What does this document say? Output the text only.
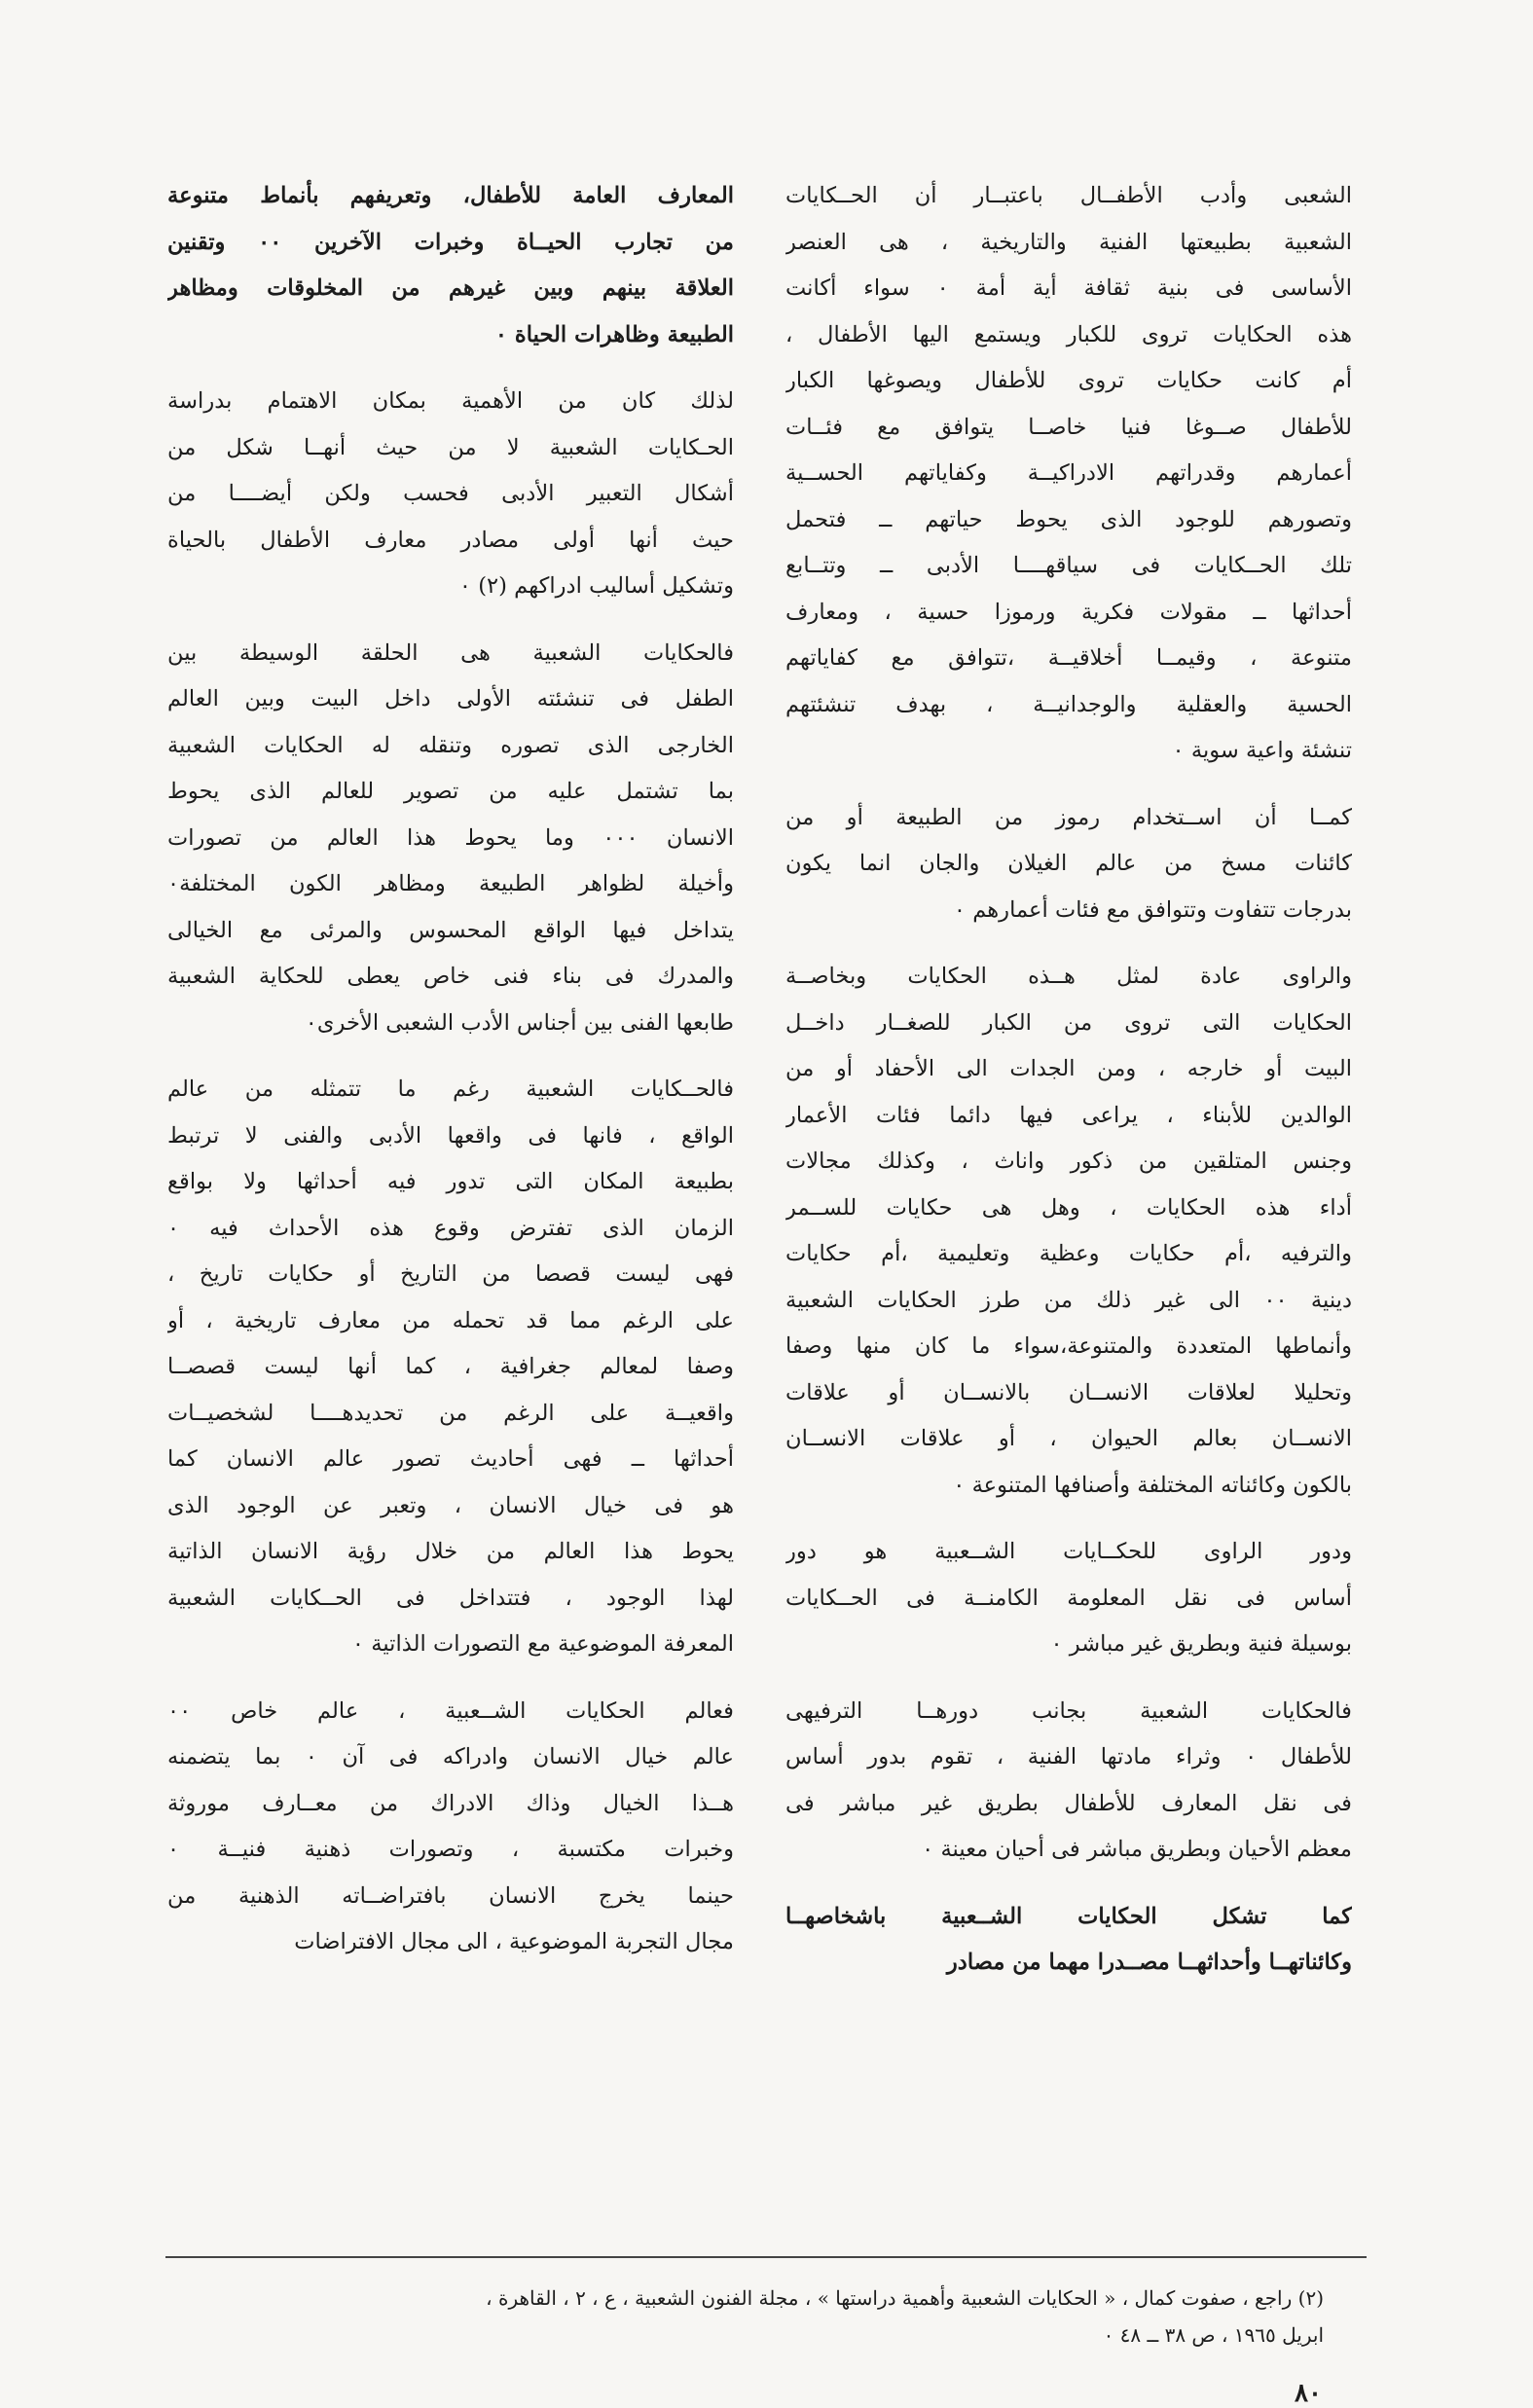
الشعبى وأدب الأطفــال باعتبــار أن الحــكايات
الشعبية بطبيعتها الفنية والتاريخية ، هى العنصر
الأساسى فى بنية ثقافة أية أمة ٠ سواء أكانت
هذه الحكايات تروى للكبار ويستمع اليها الأطفال ،
أم كانت حكايات تروى للأطفال ويصوغها الكبار
للأطفال صــوغا فنيا خاصــا يتوافق مع فئــات
أعمارهم وقدراتهم الادراكيــة وكفاياتهم الحســية
وتصورهم للوجود الذى يحوط حياتهم ــ فتحمل
تلك الحــكايات فى سياقهــــا الأدبى ــ وتتــابع
أحداثها ــ مقولات فكرية ورموزا حسية ، ومعارف
متنوعة ، وقيمــا أخلاقيــة ،تتوافق مع كفاياتهم
الحسية والعقلية والوجدانيــة ، بهدف تنشئتهم
تنشئة واعية سوية ٠
كمــا أن اســتخدام رموز من الطبيعة أو من
كائنات مسخ من عالم الغيلان والجان انما يكون
بدرجات تتفاوت وتتوافق مع فئات أعمارهم ٠
والراوى عادة لمثل هــذه الحكايات وبخاصــة
الحكايات التى تروى من الكبار للصغــار داخــل
البيت أو خارجه ، ومن الجدات الى الأحفاد أو من
الوالدين للأبناء ، يراعى فيها دائما فئات الأعمار
وجنس المتلقين من ذكور واناث ، وكذلك مجالات
أداء هذه الحكايات ، وهل هى حكايات للســمر
والترفيه ،أم حكايات وعظية وتعليمية ،أم حكايات
دينية ٠٠ الى غير ذلك من طرز الحكايات الشعبية
وأنماطها المتعددة والمتنوعة،سواء ما كان منها وصفا
وتحليلا لعلاقات الانســان بالانســان أو علاقات
الانســان بعالم الحيوان ، أو علاقات الانســان
بالكون وكائناته المختلفة وأصنافها المتنوعة ٠
ودور الراوى للحكــايات الشــعبية هو دور
أساس فى نقل المعلومة الكامنــة فى الحــكايات
بوسيلة فنية وبطريق غير مباشر ٠
فالحكايات الشعبية بجانب دورهــا الترفيهى
للأطفال ٠ وثراء مادتها الفنية ، تقوم بدور أساس
فى نقل المعارف للأطفال بطريق غير مباشر فى
معظم الأحيان وبطريق مباشر فى أحيان معينة ٠
كما تشكل الحكايات الشــعبية باشخاصهــا
وكائناتهــا وأحداثهــا مصــدرا مهما من مصادر
المعارف العامة للأطفال، وتعريفهم بأنماط متنوعة
من تجارب الحيــاة وخبرات الآخرين ٠٠ وتقنين
العلاقة بينهم وبين غيرهم من المخلوقات ومظاهر
الطبيعة وظاهرات الحياة ٠
لذلك كان من الأهمية بمكان الاهتمام بدراسة
الحـكايات الشعبية لا من حيث أنهــا شكل من
أشكال التعبير الأدبى فحسب ولكن أيضــــا من
حيث أنها أولى مصادر معارف الأطفال بالحياة
وتشكيل أساليب ادراكهم (٢) ٠
فالحكايات الشعبية هى الحلقة الوسيطة بين
الطفل فى تنشئته الأولى داخل البيت وبين العالم
الخارجى الذى تصوره وتنقله له الحكايات الشعبية
بما تشتمل عليه من تصوير للعالم الذى يحوط
الانسان ٠٠٠ وما يحوط هذا العالم من تصورات
وأخيلة لظواهر الطبيعة ومظاهر الكون المختلفة٠
يتداخل فيها الواقع المحسوس والمرئى مع الخيالى
والمدرك فى بناء فنى خاص يعطى للحكاية الشعبية
طابعها الفنى بين أجناس الأدب الشعبى الأخرى٠
فالحــكايات الشعبية رغم ما تتمثله من عالم
الواقع ، فانها فى واقعها الأدبى والفنى لا ترتبط
بطبيعة المكان التى تدور فيه أحداثها ولا بواقع
الزمان الذى تفترض وقوع هذه الأحداث فيه ٠
فهى ليست قصصا من التاريخ أو حكايات تاريخ ،
على الرغم مما قد تحمله من معارف تاريخية ، أو
وصفا لمعالم جغرافية ، كما أنها ليست قصصــا
واقعيــة على الرغم من تحديدهــــا لشخصيــات
أحداثها ــ فهى أحاديث تصور عالم الانسان كما
هو فى خيال الانسان ، وتعبر عن الوجود الذى
يحوط هذا العالم من خلال رؤية الانسان الذاتية
لهذا الوجود ، فتتداخل فى الحــكايات الشعبية
المعرفة الموضوعية مع التصورات الذاتية ٠
فعالم الحكايات الشــعبية ، عالم خاص ٠٠
عالم خيال الانسان وادراكه فى آن ٠ بما يتضمنه
هــذا الخيال وذاك الادراك من معــارف موروثة
وخبرات مكتسبة ، وتصورات ذهنية فنيــة ٠
حينما يخرج الانسان بافتراضــاته الذهنية من
مجال التجربة الموضوعية ، الى مجال الافتراضات
(٢) راجع ، صفوت كمال ، « الحكايات الشعبية وأهمية دراستها » ، مجلة الفنون الشعبية ، ع ، ٢ ، القاهرة ،
ابريل ١٩٦٥ ، ص ٣٨ ــ ٤٨ ٠
٨٠
